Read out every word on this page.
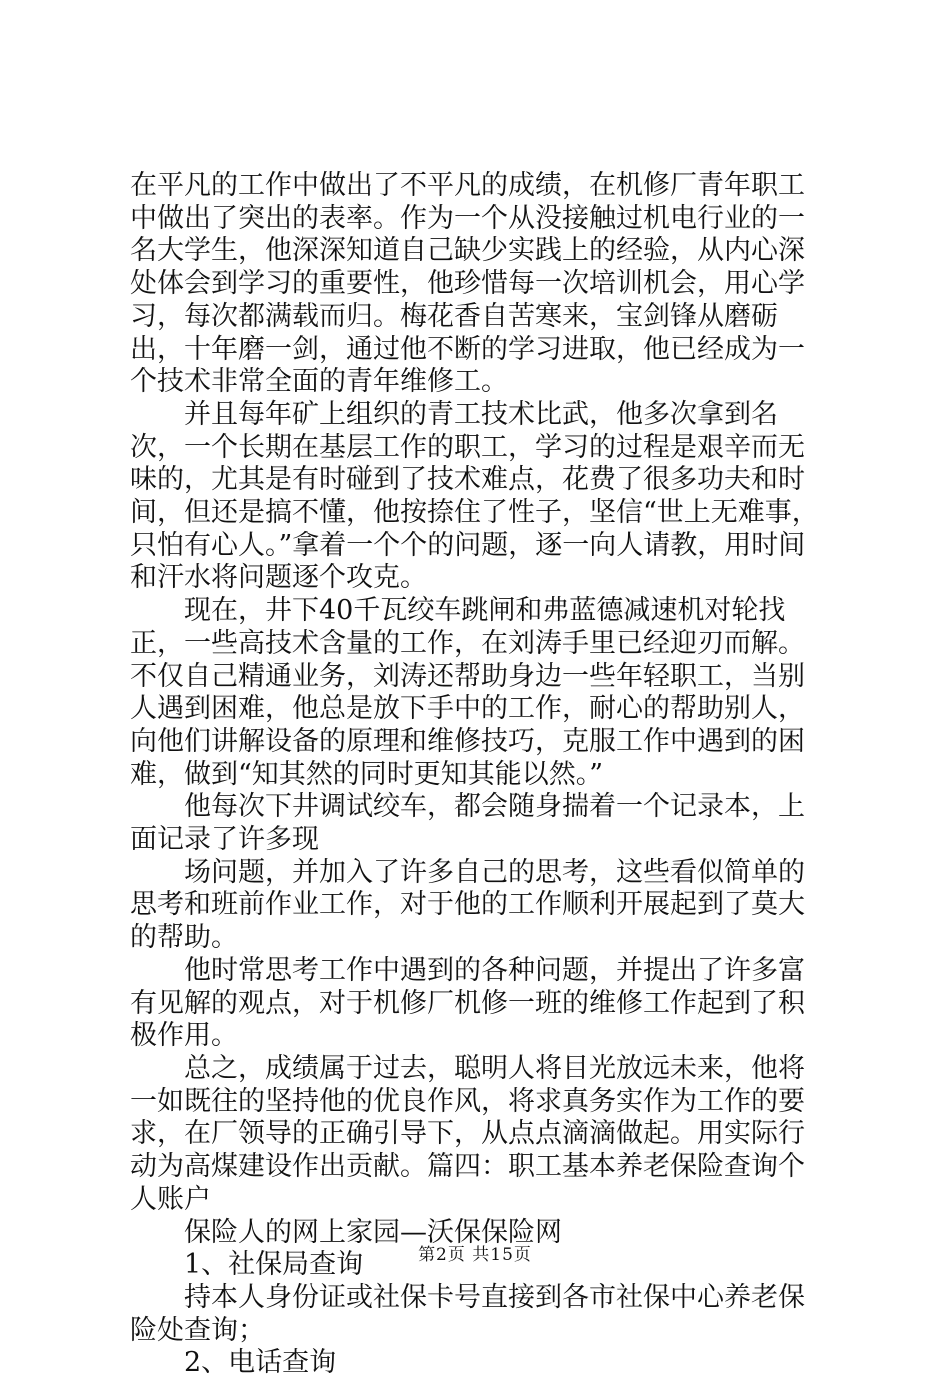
在平凡的工作中做出了不平凡的成绩，在机修厂青年职工中做出了突出的表率。作为一个从没接触过机电行业的一名大学生，他深深知道自己缺少实践上的经验，从内心深处体会到学习的重要性，他珍惜每一次培训机会，用心学习，每次都满载而归。梅花香自苦寒来，宝剑锋从磨砺出，十年磨一剑，通过他不断的学习进取，他已经成为一个技术非常全面的青年维修工。

并且每年矿上组织的青工技术比武，他多次拿到名次，一个长期在基层工作的职工，学习的过程是艰辛而无味的，尤其是有时碰到了技术难点，花费了很多功夫和时间，但还是搞不懂，他按捺住了性子，坚信“世上无难事，只怕有心人。”拿着一个个的问题，逐一向人请教，用时间和汗水将问题逐个攻克。

现在，井下40千瓦绞车跳闸和弗蓝德减速机对轮找正，一些高技术含量的工作，在刘涛手里已经迎刃而解。不仅自己精通业务，刘涛还帮助身边一些年轻职工，当别人遇到困难，他总是放下手中的工作，耐心的帮助别人，向他们讲解设备的原理和维修技巧，克服工作中遇到的困难，做到“知其然的同时更知其能以然。”

他每次下井调试绞车，都会随身揣着一个记录本，上面记录了许多现

场问题，并加入了许多自己的思考，这些看似简单的思考和班前作业工作，对于他的工作顺利开展起到了莫大的帮助。

他时常思考工作中遇到的各种问题，并提出了许多富有见解的观点，对于机修厂机修一班的维修工作起到了积极作用。

总之，成绩属于过去，聪明人将目光放远未来，他将一如既往的坚持他的优良作风，将求真务实作为工作的要求，在厂领导的正确引导下，从点点滴滴做起。用实际行动为高煤建设作出贡献。篇四：职工基本养老保险查询个人账户

保险人的网上家园—沃保保险网

1、社保局查询

持本人身份证或社保卡号直接到各市社保中心养老保险处查询；

2、电话查询

第2页 共15页
